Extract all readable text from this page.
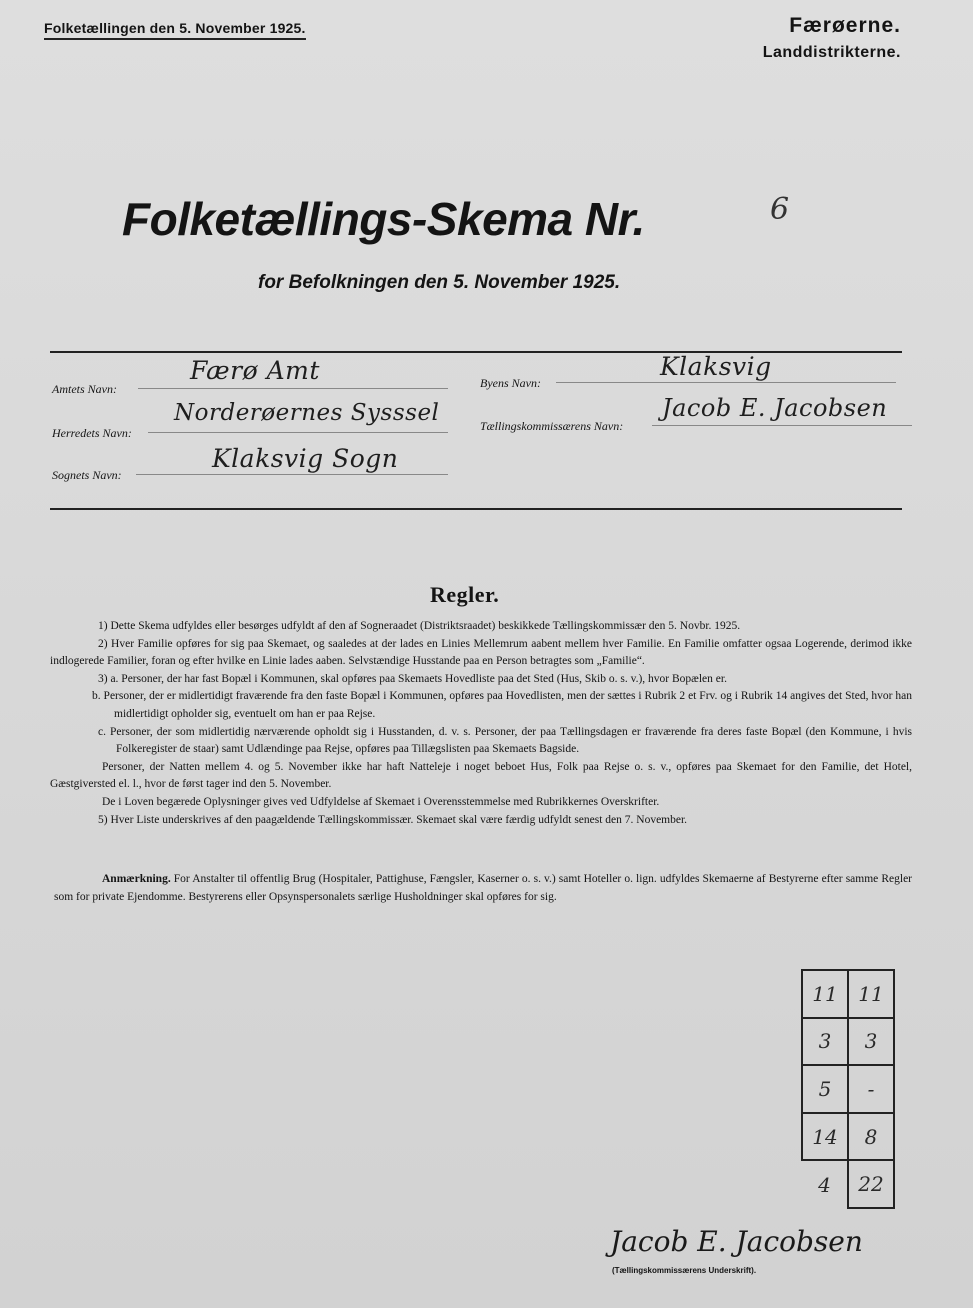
Folketællingen den 5. November 1925.	Færøerne.
Landdistrikterne.
Folketællings-Skema Nr.	6
for Befolkningen den 5. November 1925.
Amtets Navn:
Færø Amt
Herredets Navn:
Norderøernes Sysssel
Sognets Navn:
Klaksvig Sogn
Byens Navn:
Klaksvig
Tællingskommissærens Navn:
Jacob E. Jacobsen
Regler.

1) Dette Skema udfyldes eller besørges udfyldt af den af Sogneraadet (Distriktsraadet) beskikkede Tællingskommissær den 5. Novbr. 1925.

2) Hver Familie opføres for sig paa Skemaet, og saaledes at der lades en Linies Mellemrum aabent mellem hver Familie. En Familie omfatter ogsaa Logerende, derimod ikke indlogerede Familier, foran og efter hvilke en Linie lades aaben. Selvstændige Husstande paa en Person betragtes som „Familie“.

3) a. Personer, der har fast Bopæl i Kommunen, skal opføres paa Skemaets Hovedliste paa det Sted (Hus, Skib o. s. v.), hvor Bopælen er.

b. Personer, der er midlertidigt fraværende fra den faste Bopæl i Kommunen, opføres paa Hovedlisten, men der sættes i Rubrik 2 et Frv. og i Rubrik 14 angives det Sted, hvor han midlertidigt opholder sig, eventuelt om han er paa Rejse.

c. Personer, der som midlertidig nærværende opholdt sig i Husstanden, d. v. s. Personer, der paa Tællingsdagen er fraværende fra deres faste Bopæl (den Kommune, i hvis Folkeregister de staar) samt Udlændinge paa Rejse, opføres paa Tillægslisten paa Skemaets Bagside.

Personer, der Natten mellem 4. og 5. November ikke har haft Natteleje i noget beboet Hus, Folk paa Rejse o. s. v., opføres paa Skemaet for den Familie, det Hotel, Gæstgiversted el. l., hvor de først tager ind den 5. November.

De i Loven begærede Oplysninger gives ved Udfyldelse af Skemaet i Overensstemmelse med Rubrikkernes Overskrifter.

5) Hver Liste underskrives af den paagældende Tællingskommissær. Skemaet skal være færdig udfyldt senest den 7. November.

Anmærkning. For Anstalter til offentlig Brug (Hospitaler, Pattighuse, Fængsler, Kaserner o. s. v.) samt Hoteller o. lign. udfyldes Skemaerne af Bestyrerne efter samme Regler som for private Ejendomme. Bestyrerens eller Opsynspersonalets særlige Husholdninger skal opføres for sig.

11	11
3	3
5	-
14	8
4	22
Jacob E. Jacobsen
(Tællingskommissærens Underskrift).
